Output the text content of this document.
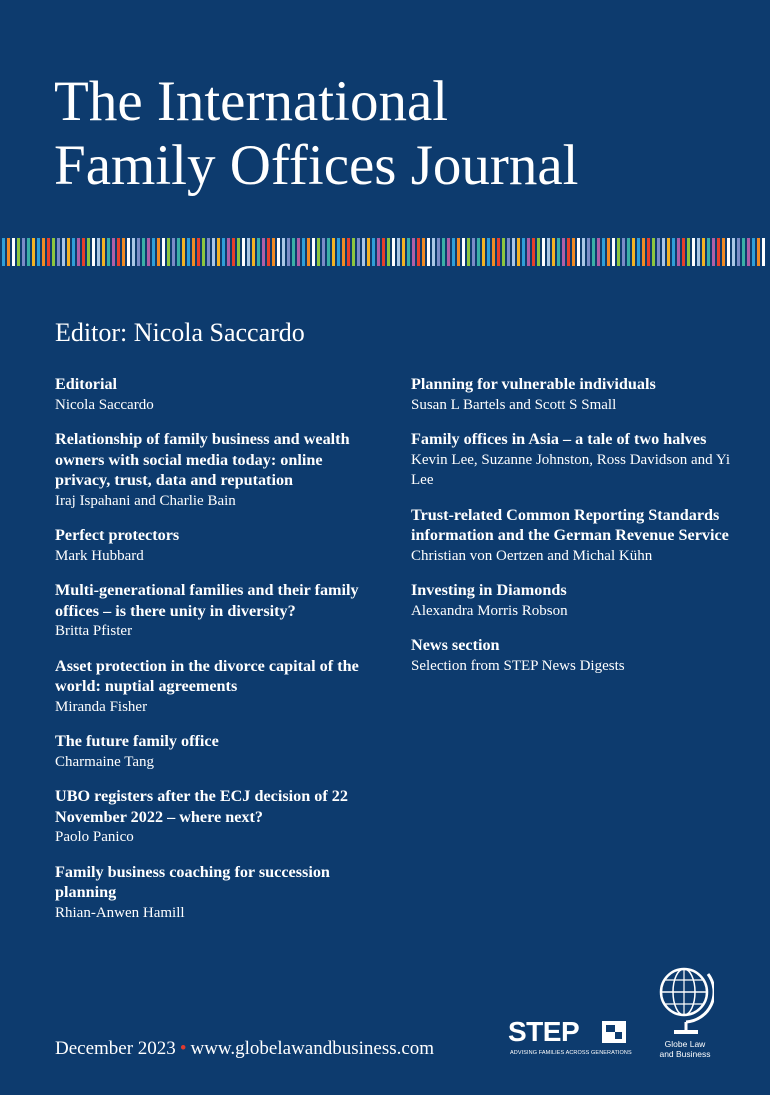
The International
Family Offices Journal

Editor: Nicola Saccardo

Editorial
Nicola Saccardo
Relationship of family business and wealth owners with social media today: online privacy, trust, data and reputation
Iraj Ispahani and Charlie Bain
Perfect protectors
Mark Hubbard
Multi-generational families and their family offices – is there unity in diversity?
Britta Pfister
Asset protection in the divorce capital of the world: nuptial agreements
Miranda Fisher
The future family office
Charmaine Tang
UBO registers after the ECJ decision of 22 November 2022 – where next?
Paolo Panico
Family business coaching for succession planning
Rhian-Anwen Hamill
Planning for vulnerable individuals
Susan L Bartels and Scott S Small
Family offices in Asia – a tale of two halves
Kevin Lee, Suzanne Johnston, Ross Davidson and Yi Lee
Trust-related Common Reporting Standards information and the German Revenue Service
Christian von Oertzen and Michal Kühn
Investing in Diamonds
Alexandra Morris Robson
News section
Selection from STEP News Digests
December 2023 • www.globelawandbusiness.com
STEP
ADVISING FAMILIES ACROSS GENERATIONS
Globe Law
and Business
